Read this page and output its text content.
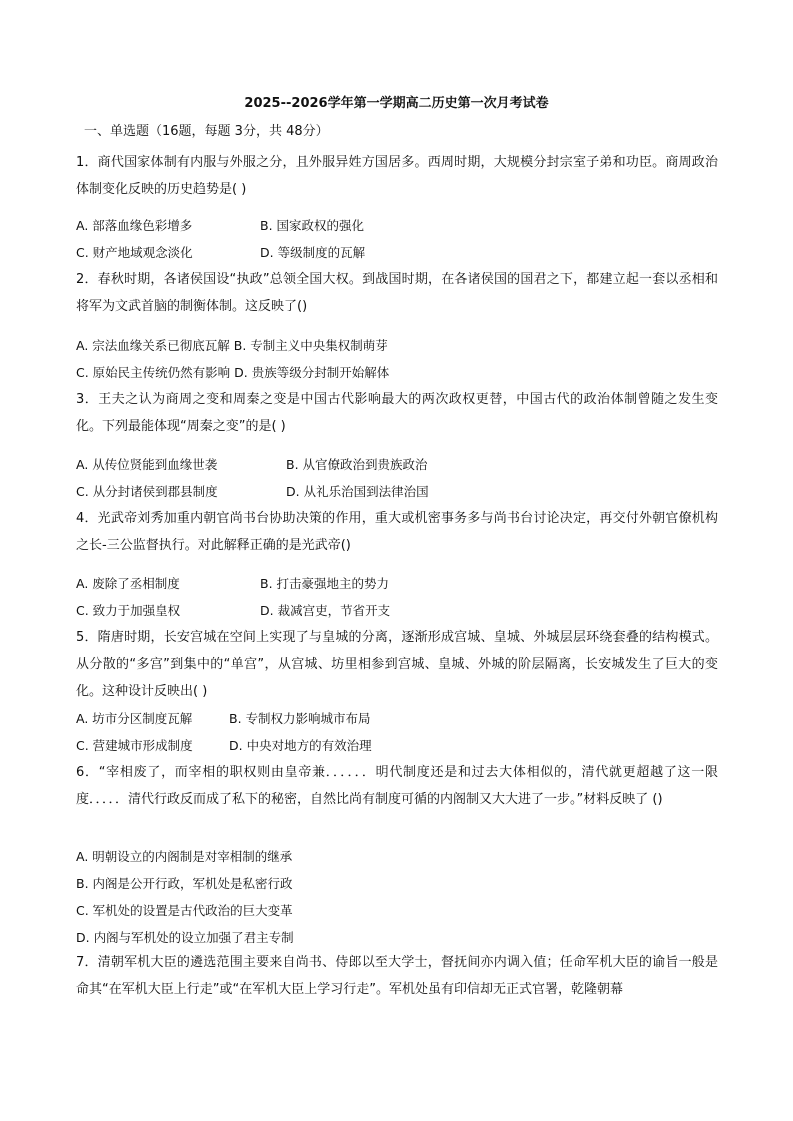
2025--2026学年第一学期高二历史第一次月考试卷
一、单选题（16题，每题 3分，共 48分）
1．商代国家体制有内服与外服之分，且外服异姓方国居多。西周时期，大规模分封宗室子弟和功臣。商周政治体制变化反映的历史趋势是( )
A. 部落血缘色彩增多	B. 国家政权的强化
C. 财产地域观念淡化	D. 等级制度的瓦解
2．春秋时期，各诸侯国设“执政”总领全国大权。到战国时期，在各诸侯国的国君之下，都建立起一套以丞相和将军为文武首脑的制衡体制。这反映了()
A. 宗法血缘关系已彻底瓦解 B. 专制主义中央集权制萌芽
C. 原始民主传统仍然有影响 D. 贵族等级分封制开始解体
3．王夫之认为商周之变和周秦之变是中国古代影响最大的两次政权更替，中国古代的政治体制曾随之发生变化。下列最能体现“周秦之变”的是( )
A. 从传位贤能到血缘世袭	B. 从官僚政治到贵族政治
C. 从分封诸侯到郡县制度	D. 从礼乐治国到法律治国
4．光武帝刘秀加重内朝官尚书台协助决策的作用，重大或机密事务多与尚书台讨论决定，再交付外朝官僚机构之长-三公监督执行。对此解释正确的是光武帝()
A. 废除了丞相制度	B. 打击豪强地主的势力
C. 致力于加强皇权	D. 裁减宫吏，节省开支
5．隋唐时期，长安宫城在空间上实现了与皇城的分离，逐渐形成宫城、皇城、外城层层环绕套叠的结构模式。从分散的“多宫”到集中的“单宫”，从宫城、坊里相参到宫城、皇城、外城的阶层隔离，长安城发生了巨大的变化。这种设计反映出( )
A. 坊市分区制度瓦解	B. 专制权力影响城市布局
C. 营建城市形成制度	D. 中央对地方的有效治理
6．“宰相废了，而宰相的职权则由皇帝兼．．．．．．明代制度还是和过去大体相似的，清代就更超越了这一限度．．．．．清代行政反而成了私下的秘密，自然比尚有制度可循的内阁制又大大进了一步。”材料反映了 ()
A. 明朝设立的内阁制是对宰相制的继承
B. 内阁是公开行政，军机处是私密行政
C. 军机处的设置是古代政治的巨大变革
D. 内阁与军机处的设立加强了君主专制
7．清朝军机大臣的遴选范围主要来自尚书、侍郎以至大学士，督抚间亦内调入值；任命军机大臣的谕旨一般是命其“在军机大臣上行走”或“在军机大臣上学习行走”。军机处虽有印信却无正式官署，乾隆朝幕
